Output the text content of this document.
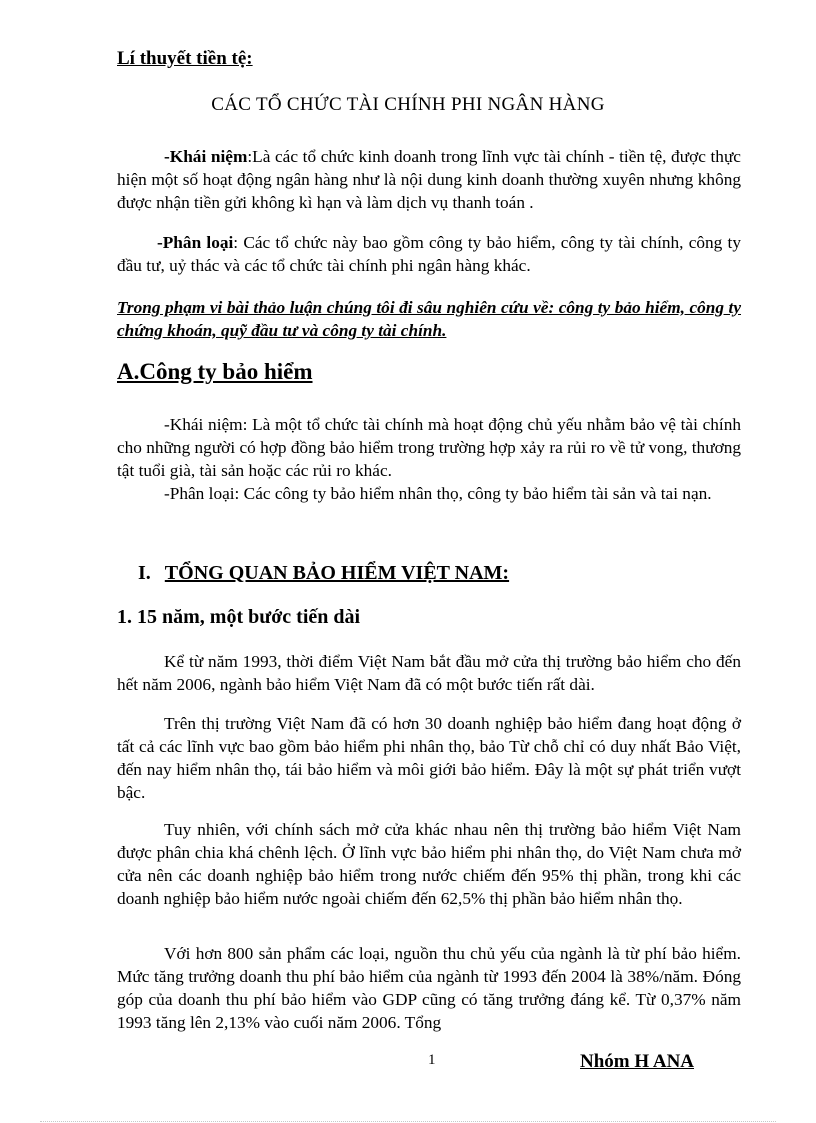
Lí thuyết tiền tệ:
CÁC TỔ CHỨC TÀI CHÍNH PHI NGÂN HÀNG

-Khái niệm:Là các tổ chức kinh doanh trong lĩnh vực tài chính - tiền tệ, được thực hiện một số hoạt động ngân hàng như là nội dung kinh doanh thường xuyên nhưng không được nhận tiền gửi không kì hạn và làm dịch vụ thanh toán .

-Phân loại: Các tổ chức này bao gồm công ty bảo hiểm, công ty tài chính, công ty đầu tư, uỷ thác và các tổ chức tài chính phi ngân hàng khác.

Trong phạm vi bài thảo luận chúng tôi đi sâu nghiên cứu về: công ty bảo hiểm, công ty chứng khoán, quỹ đầu tư và công ty tài chính.

A.Công ty bảo hiểm

-Khái niệm: Là một tổ chức tài chính mà hoạt động chủ yếu nhằm bảo vệ tài chính cho những người có hợp đồng bảo hiểm trong trường hợp xảy ra rủi ro về tử vong, thương tật tuổi già, tài sản hoặc các rủi ro khác.

-Phân loại: Các công ty bảo hiểm nhân thọ, công ty bảo hiểm tài sản và tai nạn.

I. TỔNG QUAN BẢO HIỂM VIỆT NAM:
1. 15 năm, một bước tiến dài

Kể từ năm 1993, thời điểm Việt Nam bắt đầu mở cửa thị trường bảo hiểm cho đến hết năm 2006, ngành bảo hiểm Việt Nam đã có một bước tiến rất dài.

Trên thị trường Việt Nam đã có hơn 30 doanh nghiệp bảo hiểm đang hoạt động ở tất cả các lĩnh vực bao gồm bảo hiểm phi nhân thọ, bảo Từ chỗ chỉ có duy nhất Bảo Việt, đến nay hiểm nhân thọ, tái bảo hiểm và môi giới bảo hiểm. Đây là một sự phát triển vượt bậc.

Tuy nhiên, với chính sách mở cửa khác nhau nên thị trường bảo hiểm Việt Nam được phân chia khá chênh lệch. Ở lĩnh vực bảo hiểm phi nhân thọ, do Việt Nam chưa mở cửa nên các doanh nghiệp bảo hiểm trong nước chiếm đến 95% thị phần, trong khi các doanh nghiệp bảo hiểm nước ngoài chiếm đến 62,5% thị phần bảo hiểm nhân thọ.

Với hơn 800 sản phẩm các loại, nguồn thu chủ yếu của ngành là từ phí bảo hiểm. Mức tăng trưởng doanh thu phí bảo hiểm của ngành từ 1993 đến 2004 là 38%/năm. Đóng góp của doanh thu phí bảo hiểm vào GDP cũng có tăng trưởng đáng kể. Từ 0,37% năm 1993 tăng lên 2,13% vào cuối năm 2006. Tổng

1	Nhóm H ANA
